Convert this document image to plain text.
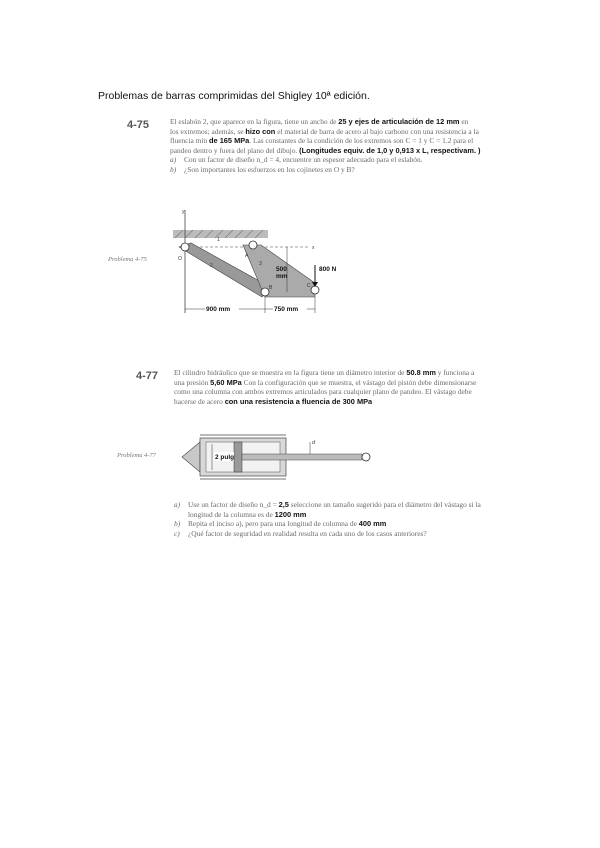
Problemas de barras comprimidas del Shigley 10ª edición.
4-75	El eslabón 2, que aparece en la figura, tiene un ancho de 25 y ejes de articulación de 12 mm en
los extremos; además, se hizo con el material de barra de acero al bajo carbono con una resistencia a la
fluencia mín de 165 MPa. Las constantes de la condición de los extremos son C = 1 y C = 1.2 para el
pandeo dentro y fuera del plano del dibujo. (Longitudes equiv. de 1,0 y 0,913 x L, respectivam. )
a) Con un factor de diseño n_d = 4, encuentre un espesor adecuado para el eslabón.
b) ¿Son importantes los esfuerzos en los cojinetes en O y B?
Problema 4-75
y
x
O	A
B	C
1
2	3
500
mm
800 N
900 mm	750 mm
4-77 El cilindro hidráulico que se muestra en la figura tiene un diámetro interior de 50.8 mm y funciona a
una presión 5,60 MPa Con la configuración que se muestra, el vástago del pistón debe dimensionarse
como una columna con ambos extremos articulados para cualquier plano de pandeo. El vástago debe
hacerse de acero con una resistencia a fluencia de 300 MPa
Problema 4-77	2 pulg
d
a) Use un factor de diseño n_d = 2,5 seleccione un tamaño sugerido para el diámetro del vástago si la
longitud de la columna es de 1200 mm
b) Repita el inciso a), pero para una longitud de columna de 400 mm
c) ¿Qué factor de seguridad en realidad resulta en cada uno de los casos anteriores?
